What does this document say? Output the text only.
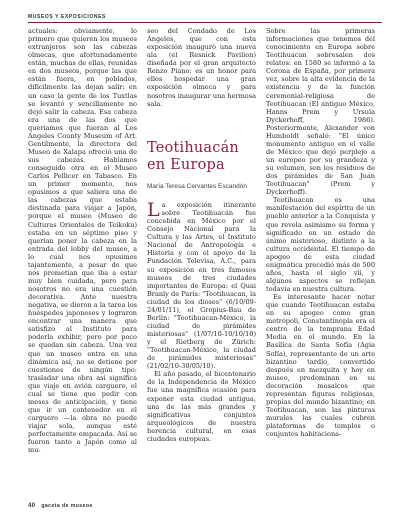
MUSEOS Y EXPOSICIONES

actuales: obviamente, lo primero que quieren los museos extranjeros son las cabezas olmecas, que afortunadamente están, muchas de ellas, reunidas en dos museos, porque las que están fuera, en poblados, difícilmente las dejan salir: en un caso la gente de los Tuxtlas se levantó y sencillamente no dejó salir la cabeza. Esa cabeza era una de las dos que queríamos que fueran al Los Angeles County Museum of Art. Gentilmente, la directora del Museo de Xalapa ofreció una de sus cabezas. Habíamos conseguido otra en el Museo Carlos Pellicer en Tabasco. En un primer momento, nos opusimos a que saliera una de las cabezas que estaba destinada para viajar a Japón, porque el museo (Museo de Culturas Orientales de Teikoku) estaba en un séptimo piso y querían poner la cabeza en la entrada del lobby del museo, a lo cual nos opusimos tajantemente, a pesar de que nos prometían que iba a estar muy bien cuidada, pero para nosotros no era una cuestión decorativa. Ante nuestra negativa, se dieron a la tarea los huéspedes japoneses y lograron encontrar una manera que satisfizo al Instituto para poderla exhibir, pero por poco se quedan sin cabeza. Una vez que un museo entra en una dinámica así, no se detiene por cuestiones de ningún tipo: trasladar una obra así significa que viaje en avión carguero, el cual se tiene que pedir con meses de anticipación, y tiene que ir un contenedor en el carguero —la obra no puede viajar sola, aunque esté perfectamente empacada. Así se fueron tanto a Japón como al mu-

seo del Condado de Los Ángeles, que con esta exposición inauguró una nueva ala (el Resnick Pavilion) diseñada por el gran arquitecto Renzo Piano: es un honor para ellos hospedar una gran exposición olmeca y para nosotros inaugurar una hermosa sala.

Teotihuacán en Europa

María Teresa Cervantes Escandón

La exposición itinerante sobre Teotihuacán fue concebida en México por el Consejo Nacional para la Cultura y las Artes, el Instituto Nacional de Antropología e Historia y con el apoyo de la Fundación Televisa, A.C., para su exposición en tres famosos museos de tres ciudades importantes de Europa: el Quai Branly de París: "Teotihuacan, la ciudad de los dioses" (6/10/09-24/01/11), el Gropius-Bau de Berlín: "Teotihuacan-México, la ciudad de pirámides misteriosas" (1/07/10-10/10/10) y el Rietberg de Zürich: "Teotihuacan-México, la ciudad de pirámides misteriosas" (21/02/10-30/05/10).

El año pasado, el bicentenario de la Independencia de México fue una magnífica ocasión para exponer esta ciudad antigua, una de las más grandes y significativas conjuntos arqueológicos de nuestra herencia cultural, en esas ciudades europeas.

Sobre las primeras informaciones que tenemos del conocimiento en Europa sobre Teotihuacan sobresalen dos relatos: en 1580 se informó a la Corona de España, por primera vez, sobre la alta evidencia de la existencia y de la función ceremonial-religiosa de Teotihuacan (El antiguo México, Hanns Prem y Ursula Dyckerhoff, 1986). Posteriormente, Alexander von Humboldt señaló: "El único monumento antiguo en el valle de México que dejó perplejo a un europeo por su grandeza y su volumen, son los residuos de dos pirámides de San Juan Teotihuacan" (Prem y Dyckerhoff).

Teotihuacan es una manifestación del espíritu de un pueblo anterior a la Conquista y que revela asimismo su forma y significado en un estado de ánimo misterioso, distinto a la cultura occidental. El tiempo de apogeo de esta ciudad enigmática precedió más de 500 años, hasta el siglo vii, y algunos aspectos se reflejan todavía en nuestra cultura.

Es interesante hacer notar que cuando Teotihuacan estaba en su apogeo como gran metrópoli, Constantinopla era el centro de la temprana Edad Media en el mundo. En la Basílica de Santa Sofía (Agia Sofía), representante de un arte bizantino tardío, convertido después en mezquita y hoy en museo, predominan en su decoración mosaicos que representan figuras religiosas, propias del mundo bizantino; en Teotihuacan, son las pinturas murales las cuales cubren plataformas de templos o conjuntos habitaciona-

40 gaceta de museos
